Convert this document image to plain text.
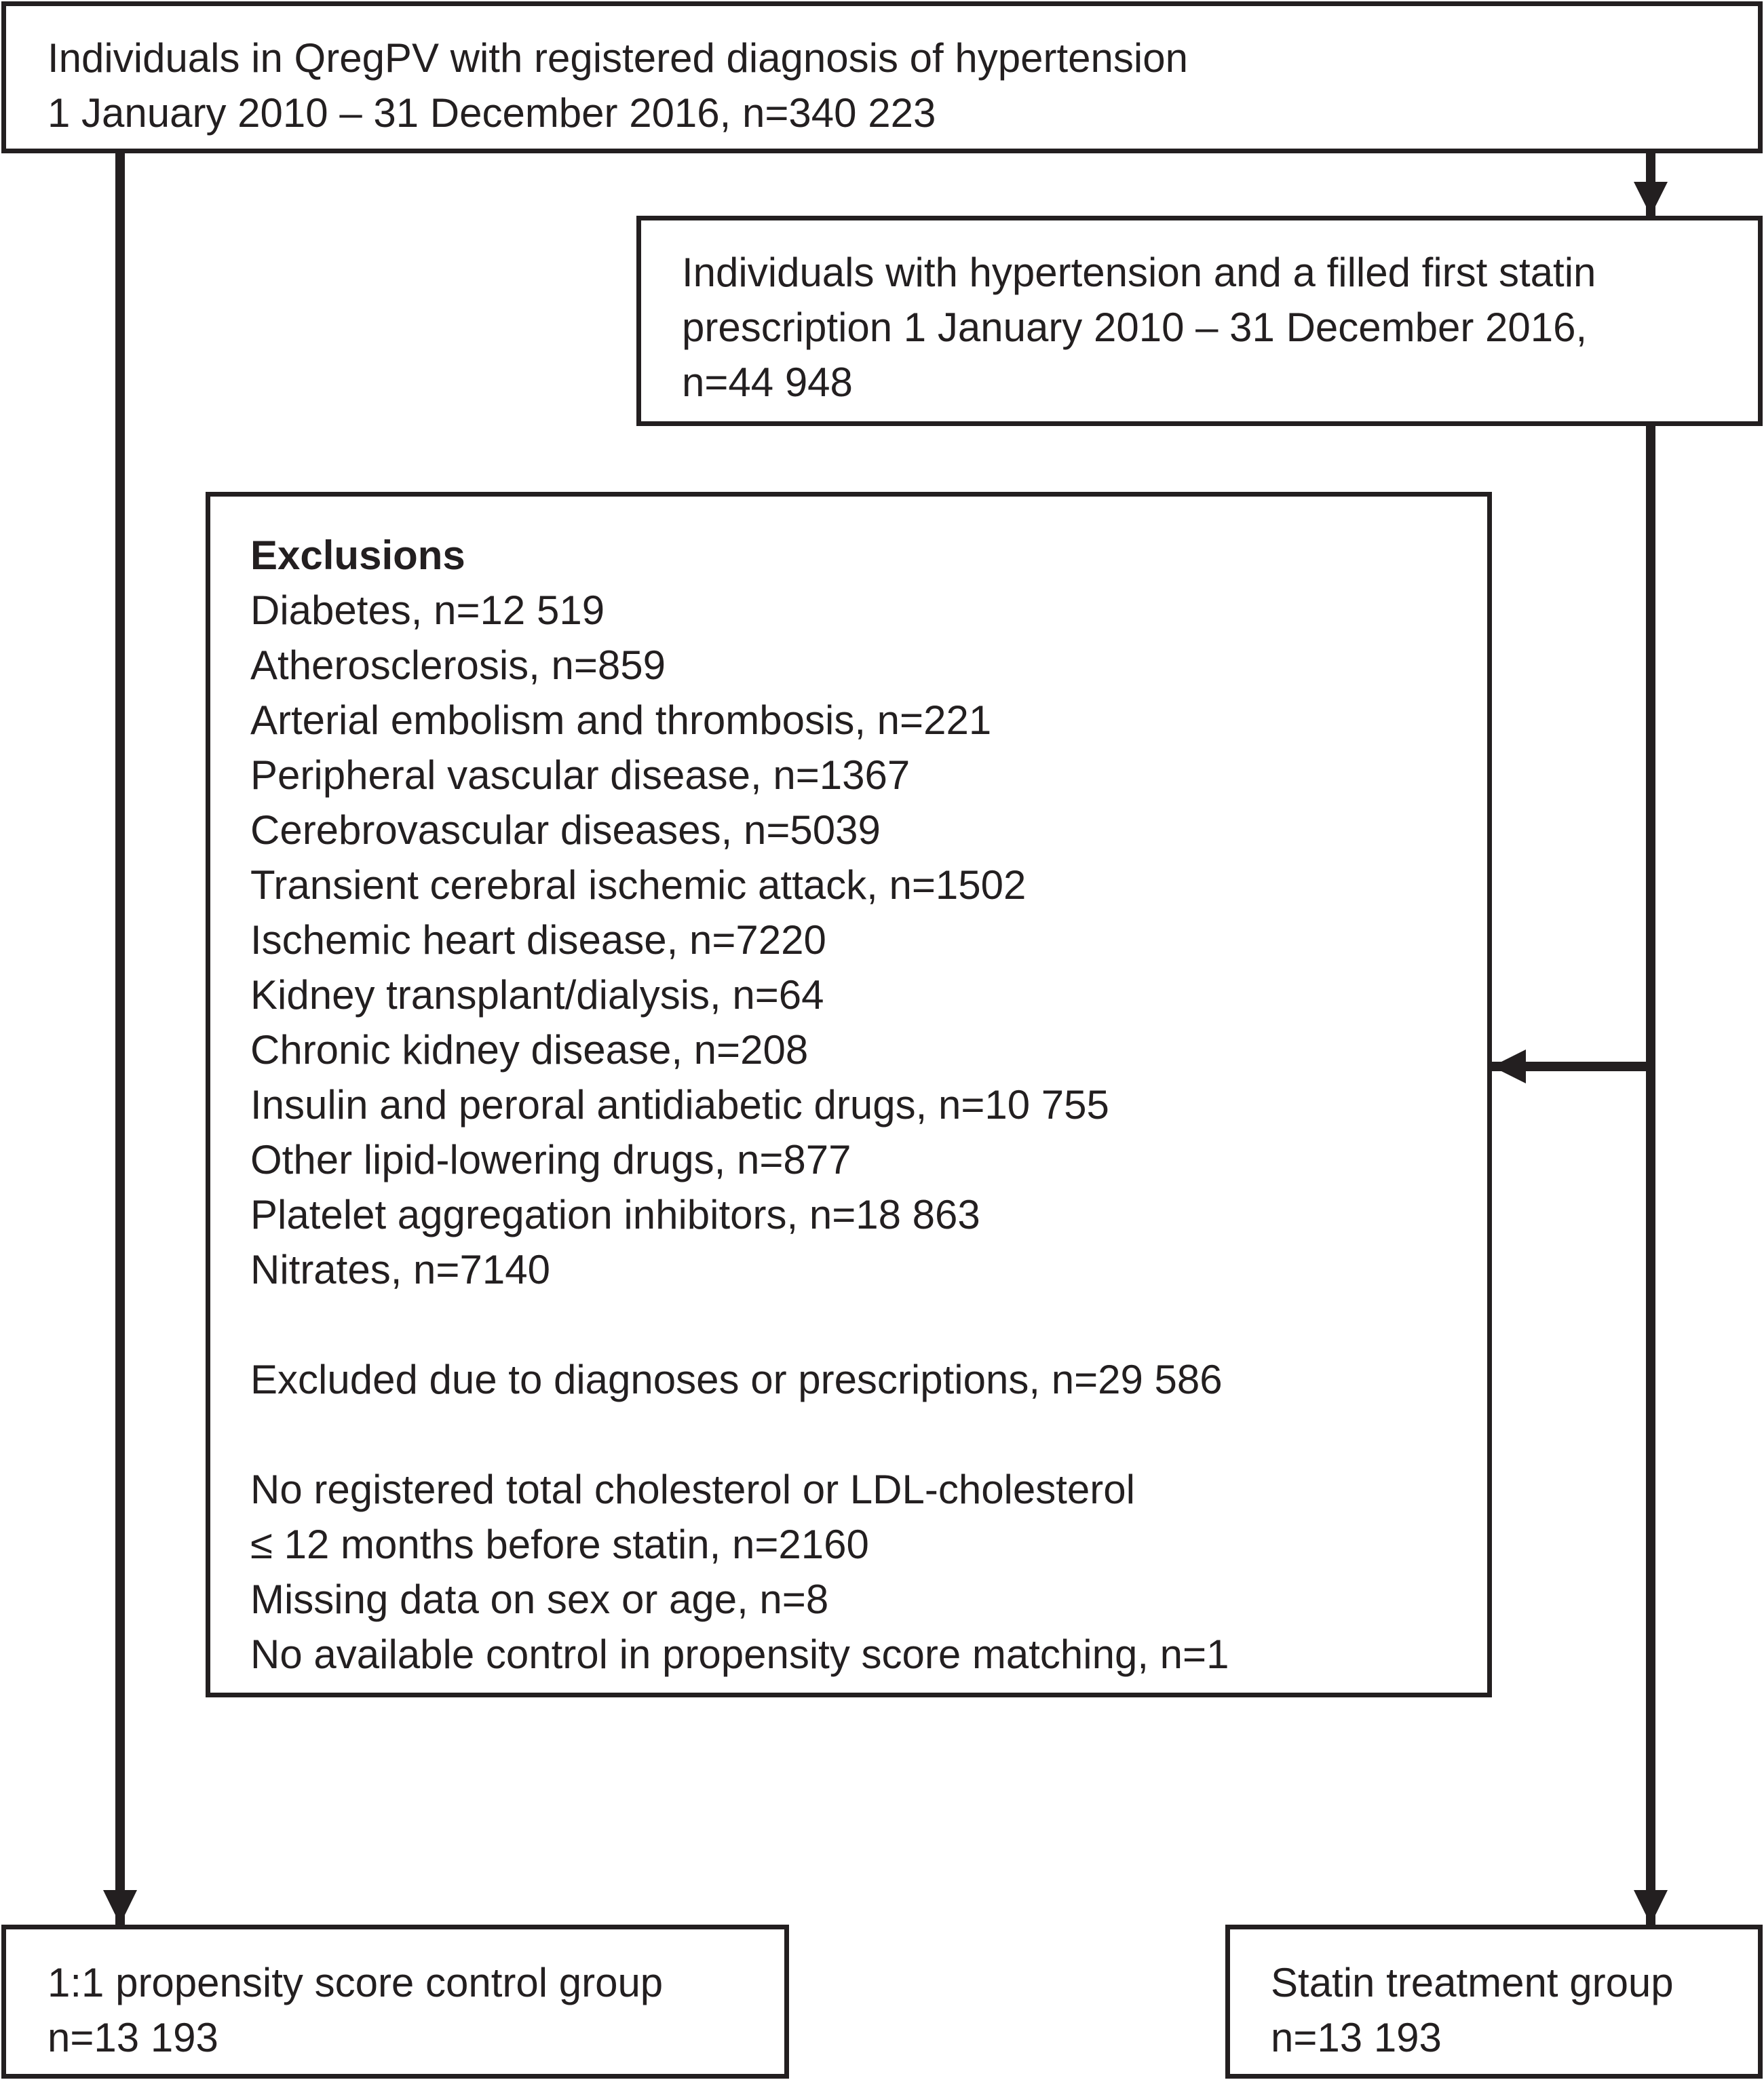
Individuals in QregPV with registered diagnosis of hypertension
1 January 2010 – 31 December 2016, n=340 223
Individuals with hypertension and a filled first statin
prescription 1 January 2010 – 31 December 2016,
n=44 948
Exclusions
Diabetes, n=12 519
Atherosclerosis, n=859
Arterial embolism and thrombosis, n=221
Peripheral vascular disease, n=1367
Cerebrovascular diseases, n=5039
Transient cerebral ischemic attack, n=1502
Ischemic heart disease, n=7220
Kidney transplant/dialysis, n=64
Chronic kidney disease, n=208
Insulin and peroral antidiabetic drugs, n=10 755
Other lipid-lowering drugs, n=877
Platelet aggregation inhibitors, n=18 863
Nitrates, n=7140
Excluded due to diagnoses or prescriptions, n=29 586
No registered total cholesterol or LDL-cholesterol
≤ 12 months before statin, n=2160
Missing data on sex or age, n=8
No available control in propensity score matching, n=1
1:1 propensity score control group
n=13 193
Statin treatment group
n=13 193
